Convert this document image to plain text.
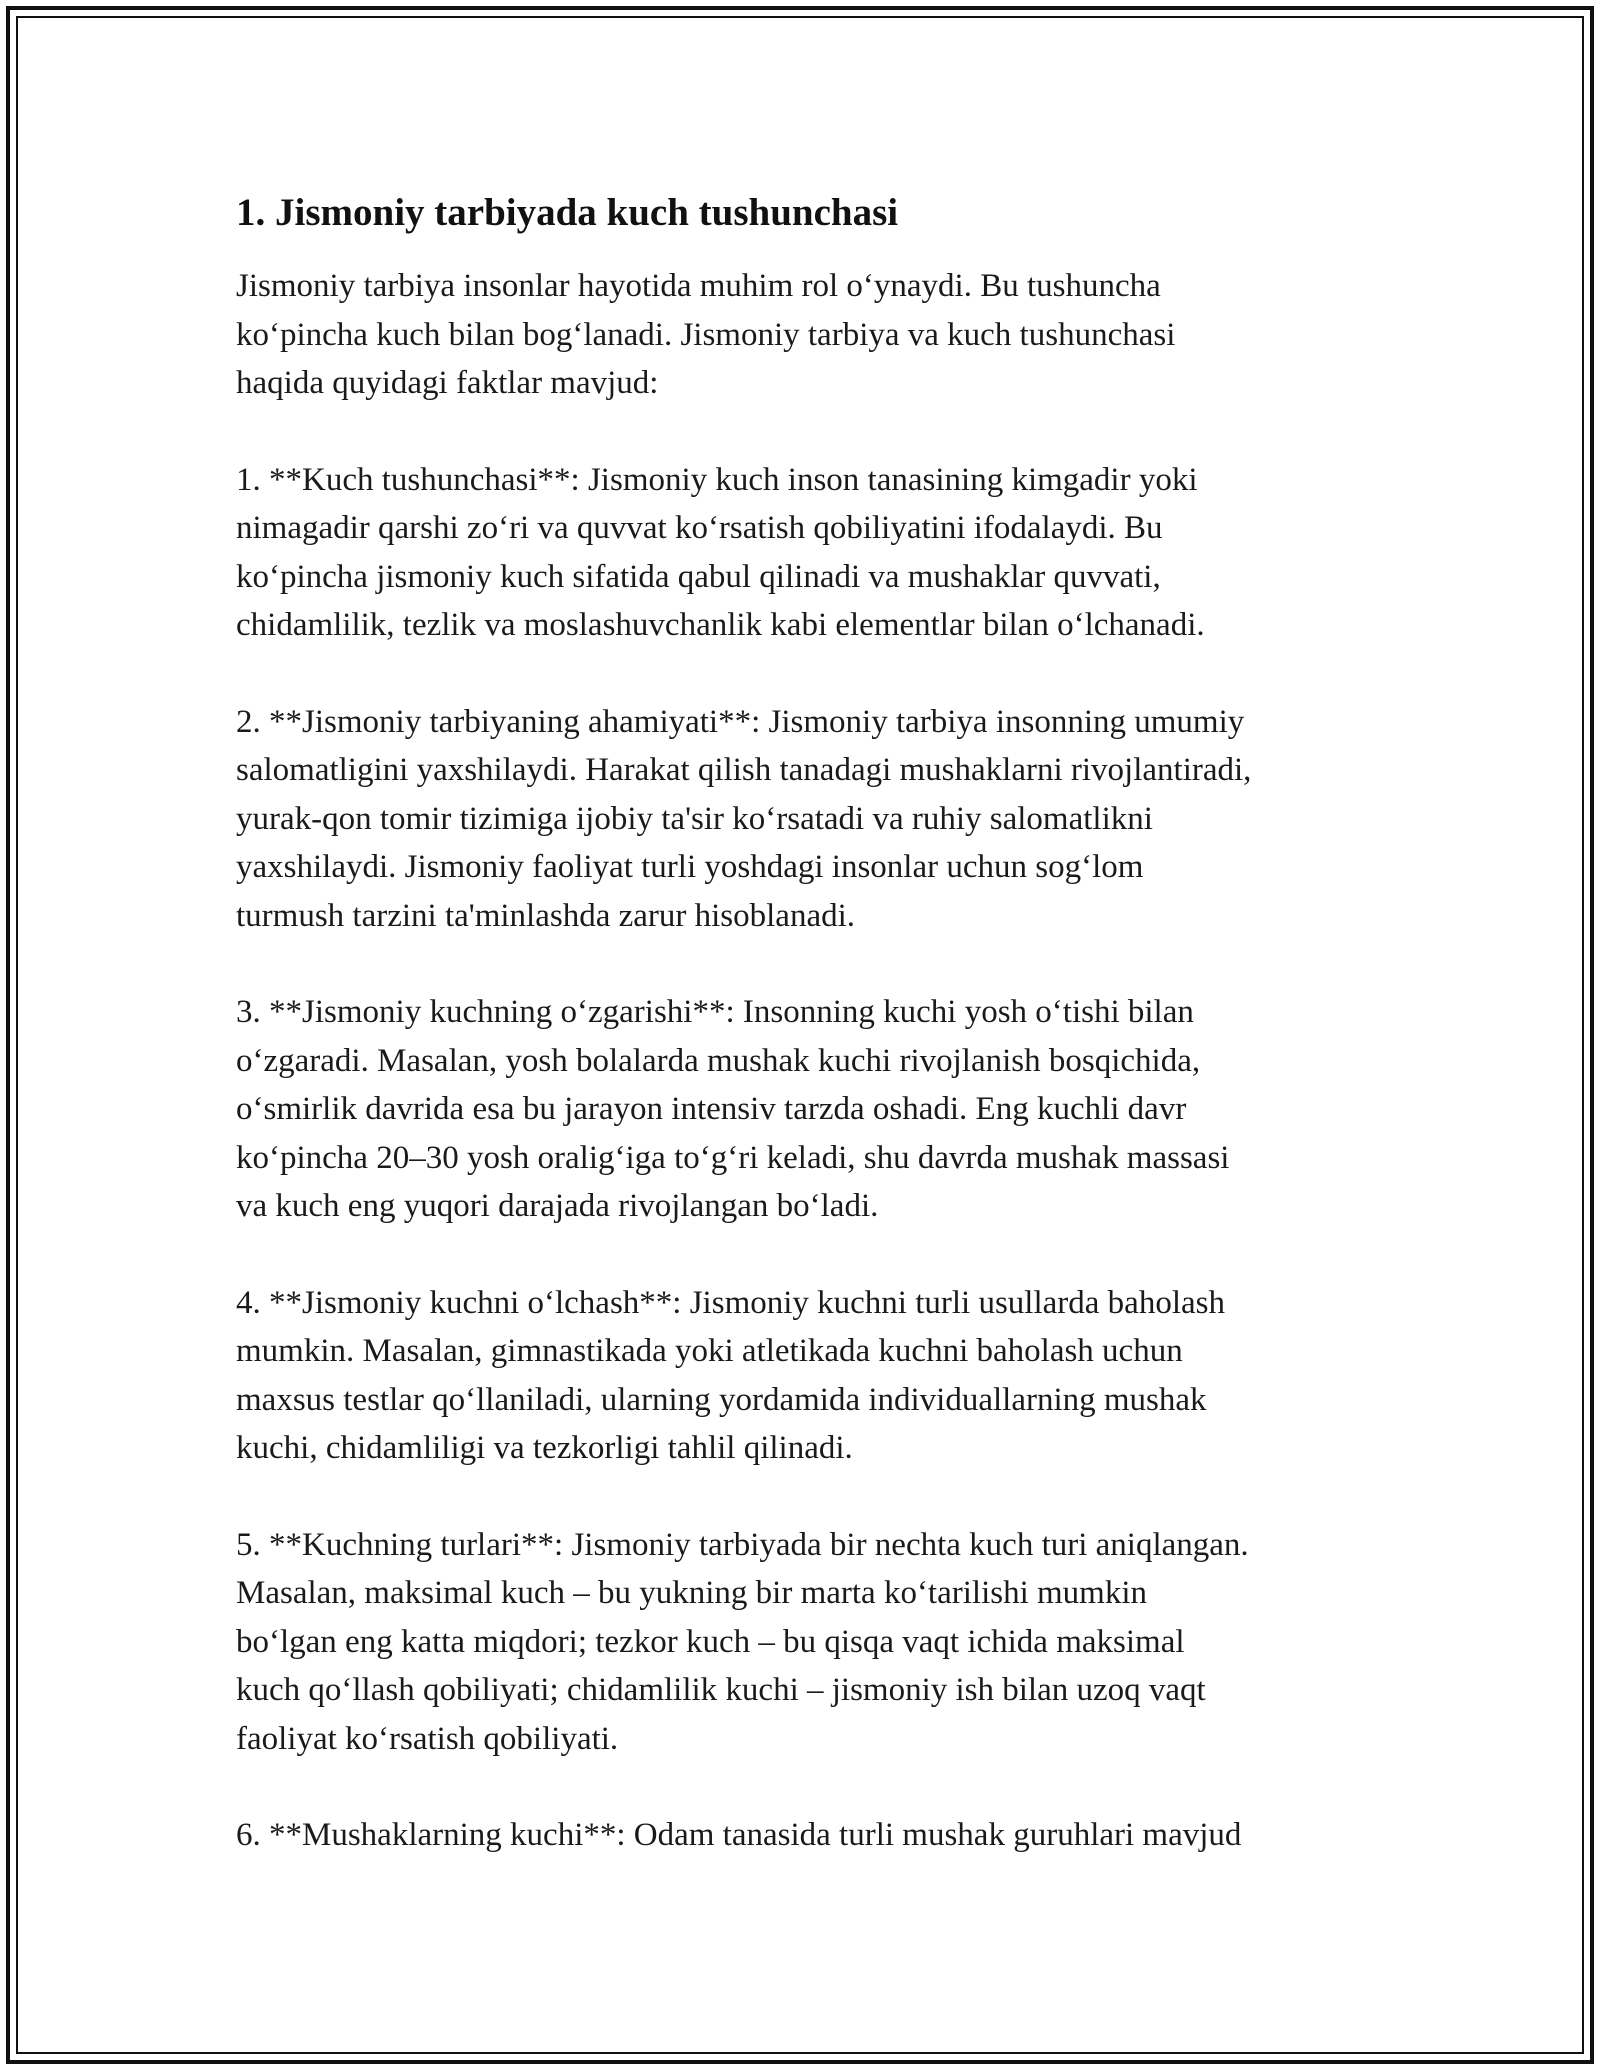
1. Jismoniy tarbiyada kuch tushunchasi

Jismoniy tarbiya insonlar hayotida muhim rol o‘ynaydi. Bu tushuncha
ko‘pincha kuch bilan bog‘lanadi. Jismoniy tarbiya va kuch tushunchasi
haqida quyidagi faktlar mavjud:

1. **Kuch tushunchasi**: Jismoniy kuch inson tanasining kimgadir yoki
nimagadir qarshi zo‘ri va quvvat ko‘rsatish qobiliyatini ifodalaydi. Bu
ko‘pincha jismoniy kuch sifatida qabul qilinadi va mushaklar quvvati,
chidamlilik, tezlik va moslashuvchanlik kabi elementlar bilan o‘lchanadi.

2. **Jismoniy tarbiyaning ahamiyati**: Jismoniy tarbiya insonning umumiy
salomatligini yaxshilaydi. Harakat qilish tanadagi mushaklarni rivojlantiradi,
yurak-qon tomir tizimiga ijobiy ta'sir ko‘rsatadi va ruhiy salomatlikni
yaxshilaydi. Jismoniy faoliyat turli yoshdagi insonlar uchun sog‘lom
turmush tarzini ta'minlashda zarur hisoblanadi.

3. **Jismoniy kuchning o‘zgarishi**: Insonning kuchi yosh o‘tishi bilan
o‘zgaradi. Masalan, yosh bolalarda mushak kuchi rivojlanish bosqichida,
o‘smirlik davrida esa bu jarayon intensiv tarzda oshadi. Eng kuchli davr
ko‘pincha 20–30 yosh oralig‘iga to‘g‘ri keladi, shu davrda mushak massasi
va kuch eng yuqori darajada rivojlangan bo‘ladi.

4. **Jismoniy kuchni o‘lchash**: Jismoniy kuchni turli usullarda baholash
mumkin. Masalan, gimnastikada yoki atletikada kuchni baholash uchun
maxsus testlar qo‘llaniladi, ularning yordamida individuallarning mushak
kuchi, chidamliligi va tezkorligi tahlil qilinadi.

5. **Kuchning turlari**: Jismoniy tarbiyada bir nechta kuch turi aniqlangan.
Masalan, maksimal kuch – bu yukning bir marta ko‘tarilishi mumkin
bo‘lgan eng katta miqdori; tezkor kuch – bu qisqa vaqt ichida maksimal
kuch qo‘llash qobiliyati; chidamlilik kuchi – jismoniy ish bilan uzoq vaqt
faoliyat ko‘rsatish qobiliyati.

6. **Mushaklarning kuchi**: Odam tanasida turli mushak guruhlari mavjud
